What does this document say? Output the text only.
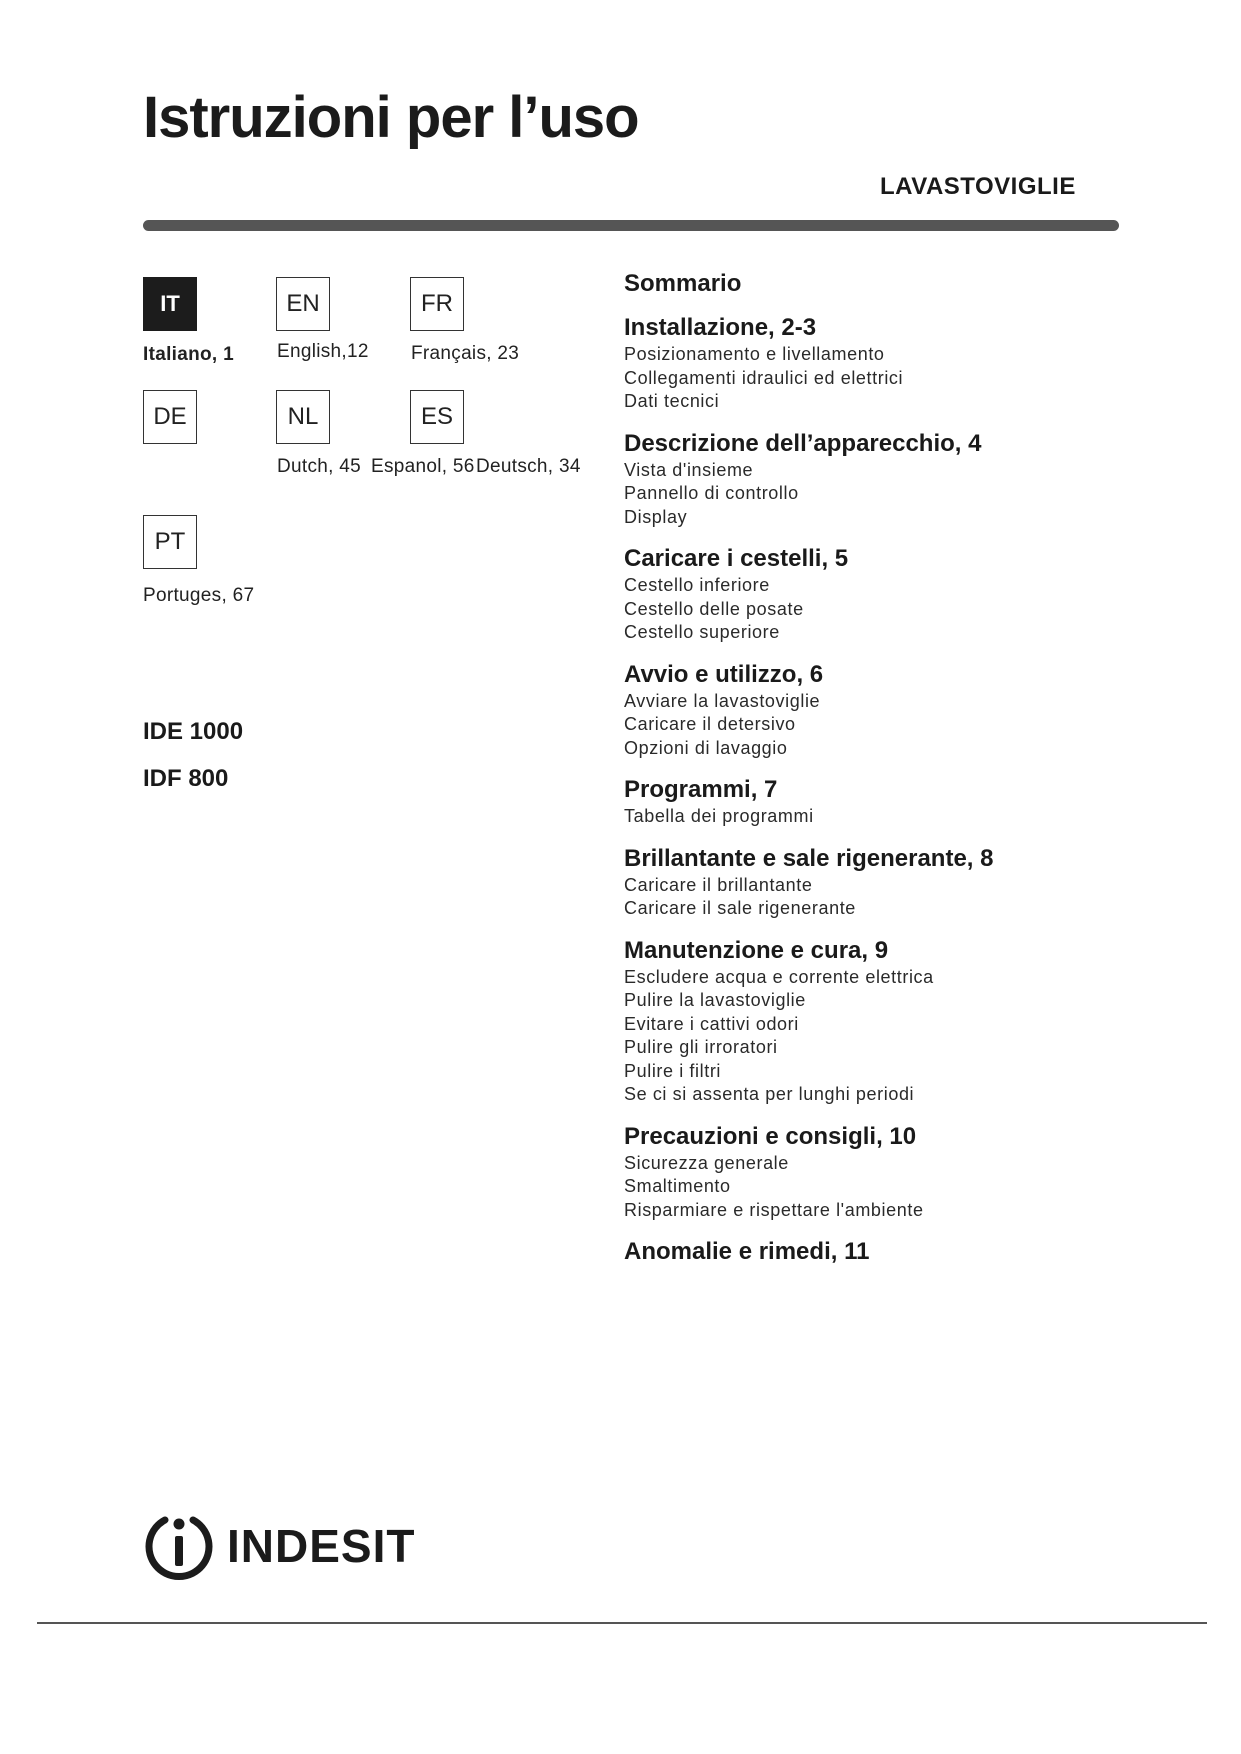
Istruzioni per l’uso
LAVASTOVIGLIE
IT
Italiano, 1
EN
English,12
FR
Français, 23
DE	NL	ES
Dutch, 45 Espanol, 56 Deutsch, 34
PT
Portuges, 67
IDE 1000
IDF 800
Sommario
Installazione, 2-3
Posizionamento e livellamento
Collegamenti idraulici ed elettrici
Dati tecnici
Descrizione dell’apparecchio, 4
Vista d'insieme
Pannello di controllo
Display
Caricare i cestelli, 5
Cestello inferiore
Cestello delle posate
Cestello superiore
Avvio e utilizzo, 6
Avviare la lavastoviglie
Caricare il detersivo
Opzioni di lavaggio
Programmi, 7
Tabella dei programmi
Brillantante e sale rigenerante, 8
Caricare il brillantante
Caricare il sale rigenerante
Manutenzione e cura, 9
Escludere acqua e corrente elettrica
Pulire la lavastoviglie
Evitare i cattivi odori
Pulire gli irroratori
Pulire i filtri
Se ci si assenta per lunghi periodi
Precauzioni e consigli, 10
Sicurezza generale
Smaltimento
Risparmiare e rispettare l'ambiente
Anomalie e rimedi, 11
INDESIT
